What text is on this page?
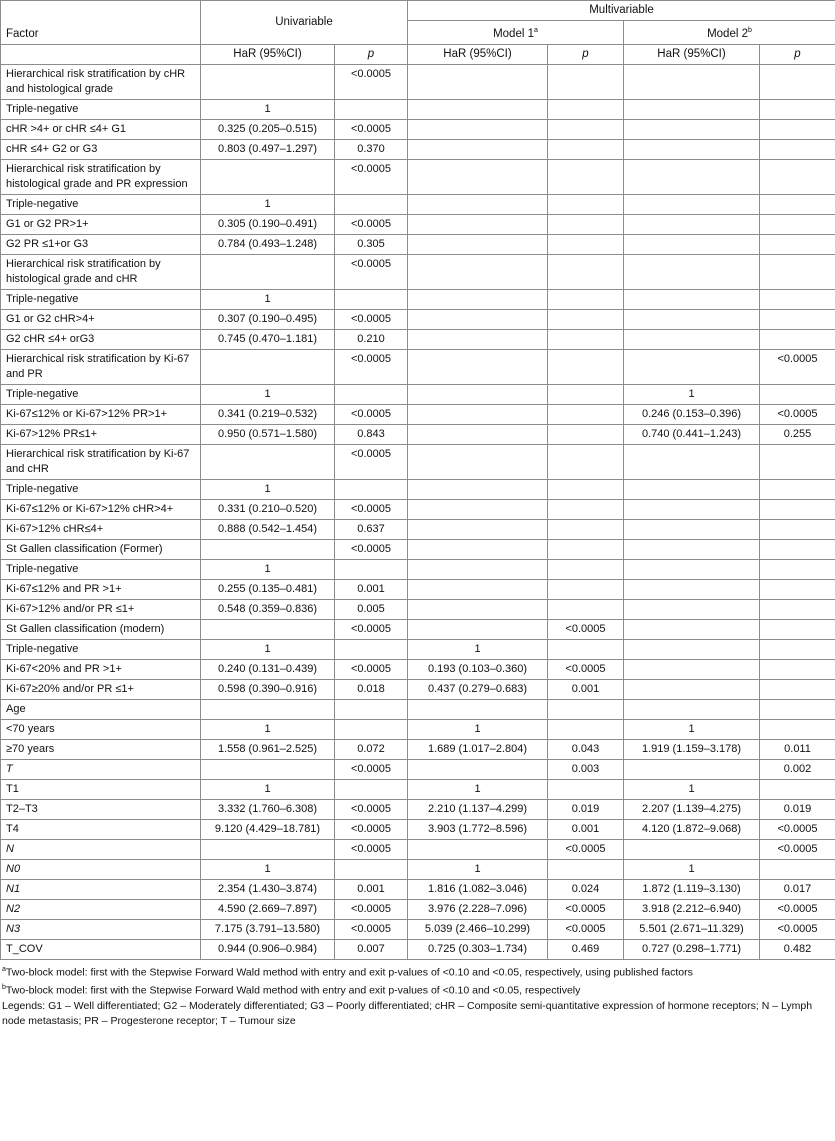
Factor	Univariable		Multivariable			
			Model 1$^a$		Model 2$^b$
	HaR (95%CI)	p	HaR (95%CI)	p	HaR (95%CI)	p
Hierarchical risk stratification by cHR and histological grade		<0.0005				
Triple-negative	1					
cHR >4+ or cHR ≤4+ G1	0.325 (0.205–0.515)	<0.0005				
cHR ≤4+ G2 or G3	0.803 (0.497–1.297)	0.370				
Hierarchical risk stratification by histological grade and PR expression		<0.0005				
Triple-negative	1					
G1 or G2 PR>1+	0.305 (0.190–0.491)	<0.0005				
G2 PR ≤1+or G3	0.784 (0.493–1.248)	0.305				
Hierarchical risk stratification by histological grade and cHR		<0.0005				
Triple-negative	1					
G1 or G2 cHR>4+	0.307 (0.190–0.495)	<0.0005				
G2 cHR ≤4+ orG3	0.745 (0.470–1.181)	0.210				
Hierarchical risk stratification by Ki-67 and PR		<0.0005				<0.0005
Triple-negative	1				1	
Ki-67≤12% or Ki-67>12% PR>1+	0.341 (0.219–0.532)	<0.0005			0.246 (0.153–0.396)	<0.0005
Ki-67>12% PR≤1+	0.950 (0.571–1.580)	0.843			0.740 (0.441–1.243)	0.255
Hierarchical risk stratification by Ki-67 and cHR		<0.0005				
Triple-negative	1					
Ki-67≤12% or Ki-67>12% cHR>4+	0.331 (0.210–0.520)	<0.0005				
Ki-67>12% cHR≤4+	0.888 (0.542–1.454)	0.637				
St Gallen classification (Former)		<0.0005				
Triple-negative	1					
Ki-67≤12% and PR >1+	0.255 (0.135–0.481)	0.001				
Ki-67>12% and/or PR ≤1+	0.548 (0.359–0.836)	0.005				
St Gallen classification (modern)		<0.0005		<0.0005		
Triple-negative	1		1			
Ki-67<20% and PR >1+	0.240 (0.131–0.439)	<0.0005	0.193 (0.103–0.360)	<0.0005		
Ki-67≥20% and/or PR ≤1+	0.598 (0.390–0.916)	0.018	0.437 (0.279–0.683)	0.001		
Age						
<70 years	1		1		1	
≥70 years	1.558 (0.961–2.525)	0.072	1.689 (1.017–2.804)	0.043	1.919 (1.159–3.178)	0.011
T		<0.0005		0.003		0.002
T1	1		1		1	
T2–T3	3.332 (1.760–6.308)	<0.0005	2.210 (1.137–4.299)	0.019	2.207 (1.139–4.275)	0.019
T4	9.120 (4.429–18.781)	<0.0005	3.903 (1.772–8.596)	0.001	4.120 (1.872–9.068)	<0.0005
N		<0.0005		<0.0005		<0.0005
N0	1		1		1	
N1	2.354 (1.430–3.874)	0.001	1.816 (1.082–3.046)	0.024	1.872 (1.119–3.130)	0.017
N2	4.590 (2.669–7.897)	<0.0005	3.976 (2.228–7.096)	<0.0005	3.918 (2.212–6.940)	<0.0005
N3	7.175 (3.791–13.580)	<0.0005	5.039 (2.466–10.299)	<0.0005	5.501 (2.671–11.329)	<0.0005
T_COV	0.944 (0.906–0.984)	0.007	0.725 (0.303–1.734)	0.469	0.727 (0.298–1.771)	0.482
$^a$Two-block model: first with the Stepwise Forward Wald method with entry and exit p-values of <0.10 and <0.05, respectively, using published factors
$^b$Two-block model: first with the Stepwise Forward Wald method with entry and exit p-values of <0.10 and <0.05, respectively
Legends: G1 – Well differentiated; G2 – Moderately differentiated; G3 – Poorly differentiated; cHR – Composite semi-quantitative expression of hormone receptors; N – Lymph node metastasis; PR – Progesterone receptor; T – Tumour size
